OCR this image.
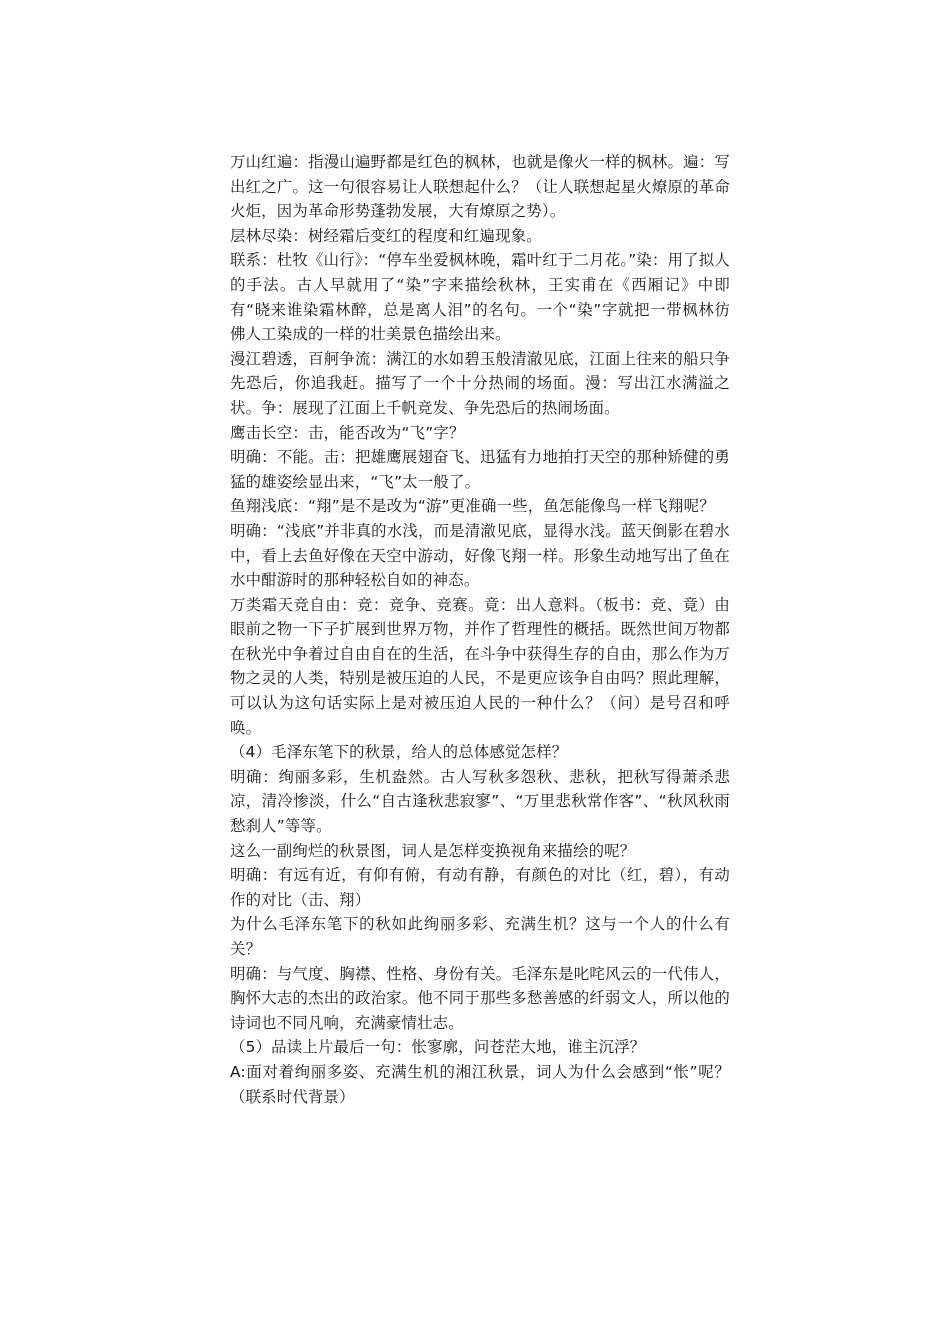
万山红遍：指漫山遍野都是红色的枫林，也就是像火一样的枫林。遍：写出红之广。这一句很容易让人联想起什么？（让人联想起星火燎原的革命火炬，因为革命形势蓬勃发展，大有燎原之势）。

层林尽染：树经霜后变红的程度和红遍现象。

联系：杜牧《山行》：“停车坐爱枫林晚，霜叶红于二月花。”染：用了拟人的手法。古人早就用了“染”字来描绘秋林，王实甫在《西厢记》中即有“晓来谁染霜林醉，总是离人泪”的名句。一个“染”字就把一带枫林彷佛人工染成的一样的壮美景色描绘出来。

漫江碧透，百舸争流：满江的水如碧玉般清澈见底，江面上往来的船只争先恐后，你追我赶。描写了一个十分热闹的场面。漫：写出江水满溢之状。争：展现了江面上千帆竞发、争先恐后的热闹场面。

鹰击长空：击，能否改为“飞”字？

明确：不能。击：把雄鹰展翅奋飞、迅猛有力地拍打天空的那种矫健的勇猛的雄姿绘显出来，“飞”太一般了。

鱼翔浅底：“翔”是不是改为“游”更准确一些，鱼怎能像鸟一样飞翔呢？

明确：“浅底”并非真的水浅，而是清澈见底，显得水浅。蓝天倒影在碧水中，看上去鱼好像在天空中游动，好像飞翔一样。形象生动地写出了鱼在水中酣游时的那种轻松自如的神态。

万类霜天竞自由：竞：竞争、竞赛。竟：出人意料。（板书：竞、竟）由眼前之物一下子扩展到世界万物，并作了哲理性的概括。既然世间万物都在秋光中争着过自由自在的生活，在斗争中获得生存的自由，那么作为万物之灵的人类，特别是被压迫的人民，不是更应该争自由吗？照此理解，可以认为这句话实际上是对被压迫人民的一种什么？（问）是号召和呼唤。

（4）毛泽东笔下的秋景，给人的总体感觉怎样？

明确：绚丽多彩，生机盎然。古人写秋多怨秋、悲秋，把秋写得萧杀悲凉，清冷惨淡，什么“自古逢秋悲寂寥”、“万里悲秋常作客”、“秋风秋雨愁刹人”等等。

这么一副绚烂的秋景图，词人是怎样变换视角来描绘的呢？

明确：有远有近，有仰有俯，有动有静，有颜色的对比（红，碧），有动作的对比（击、翔）

为什么毛泽东笔下的秋如此绚丽多彩、充满生机？这与一个人的什么有关？

明确：与气度、胸襟、性格、身份有关。毛泽东是叱咤风云的一代伟人，胸怀大志的杰出的政治家。他不同于那些多愁善感的纤弱文人，所以他的诗词也不同凡响，充满豪情壮志。

（5）品读上片最后一句：怅寥廓，问苍茫大地，谁主沉浮？

A:面对着绚丽多姿、充满生机的湘江秋景，词人为什么会感到“怅”呢？（联系时代背景）
